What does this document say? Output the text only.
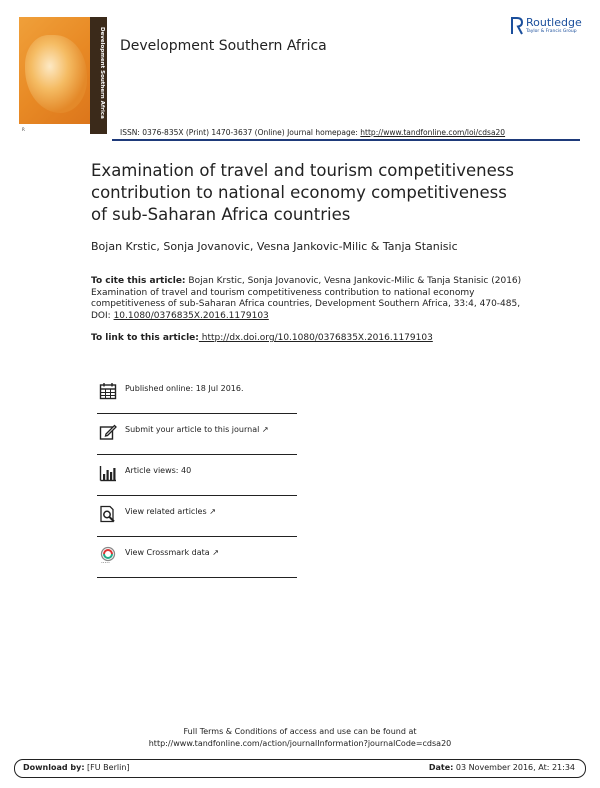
Development Southern Africa
R
Development Southern Africa
Routledge
Taylor & Francis Group
ISSN: 0376-835X (Print) 1470-3637 (Online) Journal homepage: http://www.tandfonline.com/loi/cdsa20
Examination of travel and tourism competitiveness contribution to national economy competitiveness of sub-Saharan Africa countries
Bojan Krstic, Sonja Jovanovic, Vesna Jankovic-Milic & Tanja Stanisic
To cite this article: Bojan Krstic, Sonja Jovanovic, Vesna Jankovic-Milic & Tanja Stanisic (2016) Examination of travel and tourism competitiveness contribution to national economy competitiveness of sub-Saharan Africa countries, Development Southern Africa, 33:4, 470-485, DOI: 10.1080/0376835X.2016.1179103
To link to this article: http://dx.doi.org/10.1080/0376835X.2016.1179103
Published online: 18 Jul 2016.
Submit your article to this journal ↗
Article views: 40
View related articles ↗
•••••
View Crossmark data ↗
Full Terms & Conditions of access and use can be found at
http://www.tandfonline.com/action/journalInformation?journalCode=cdsa20
Download by: [FU Berlin]	Date: 03 November 2016, At: 21:34
